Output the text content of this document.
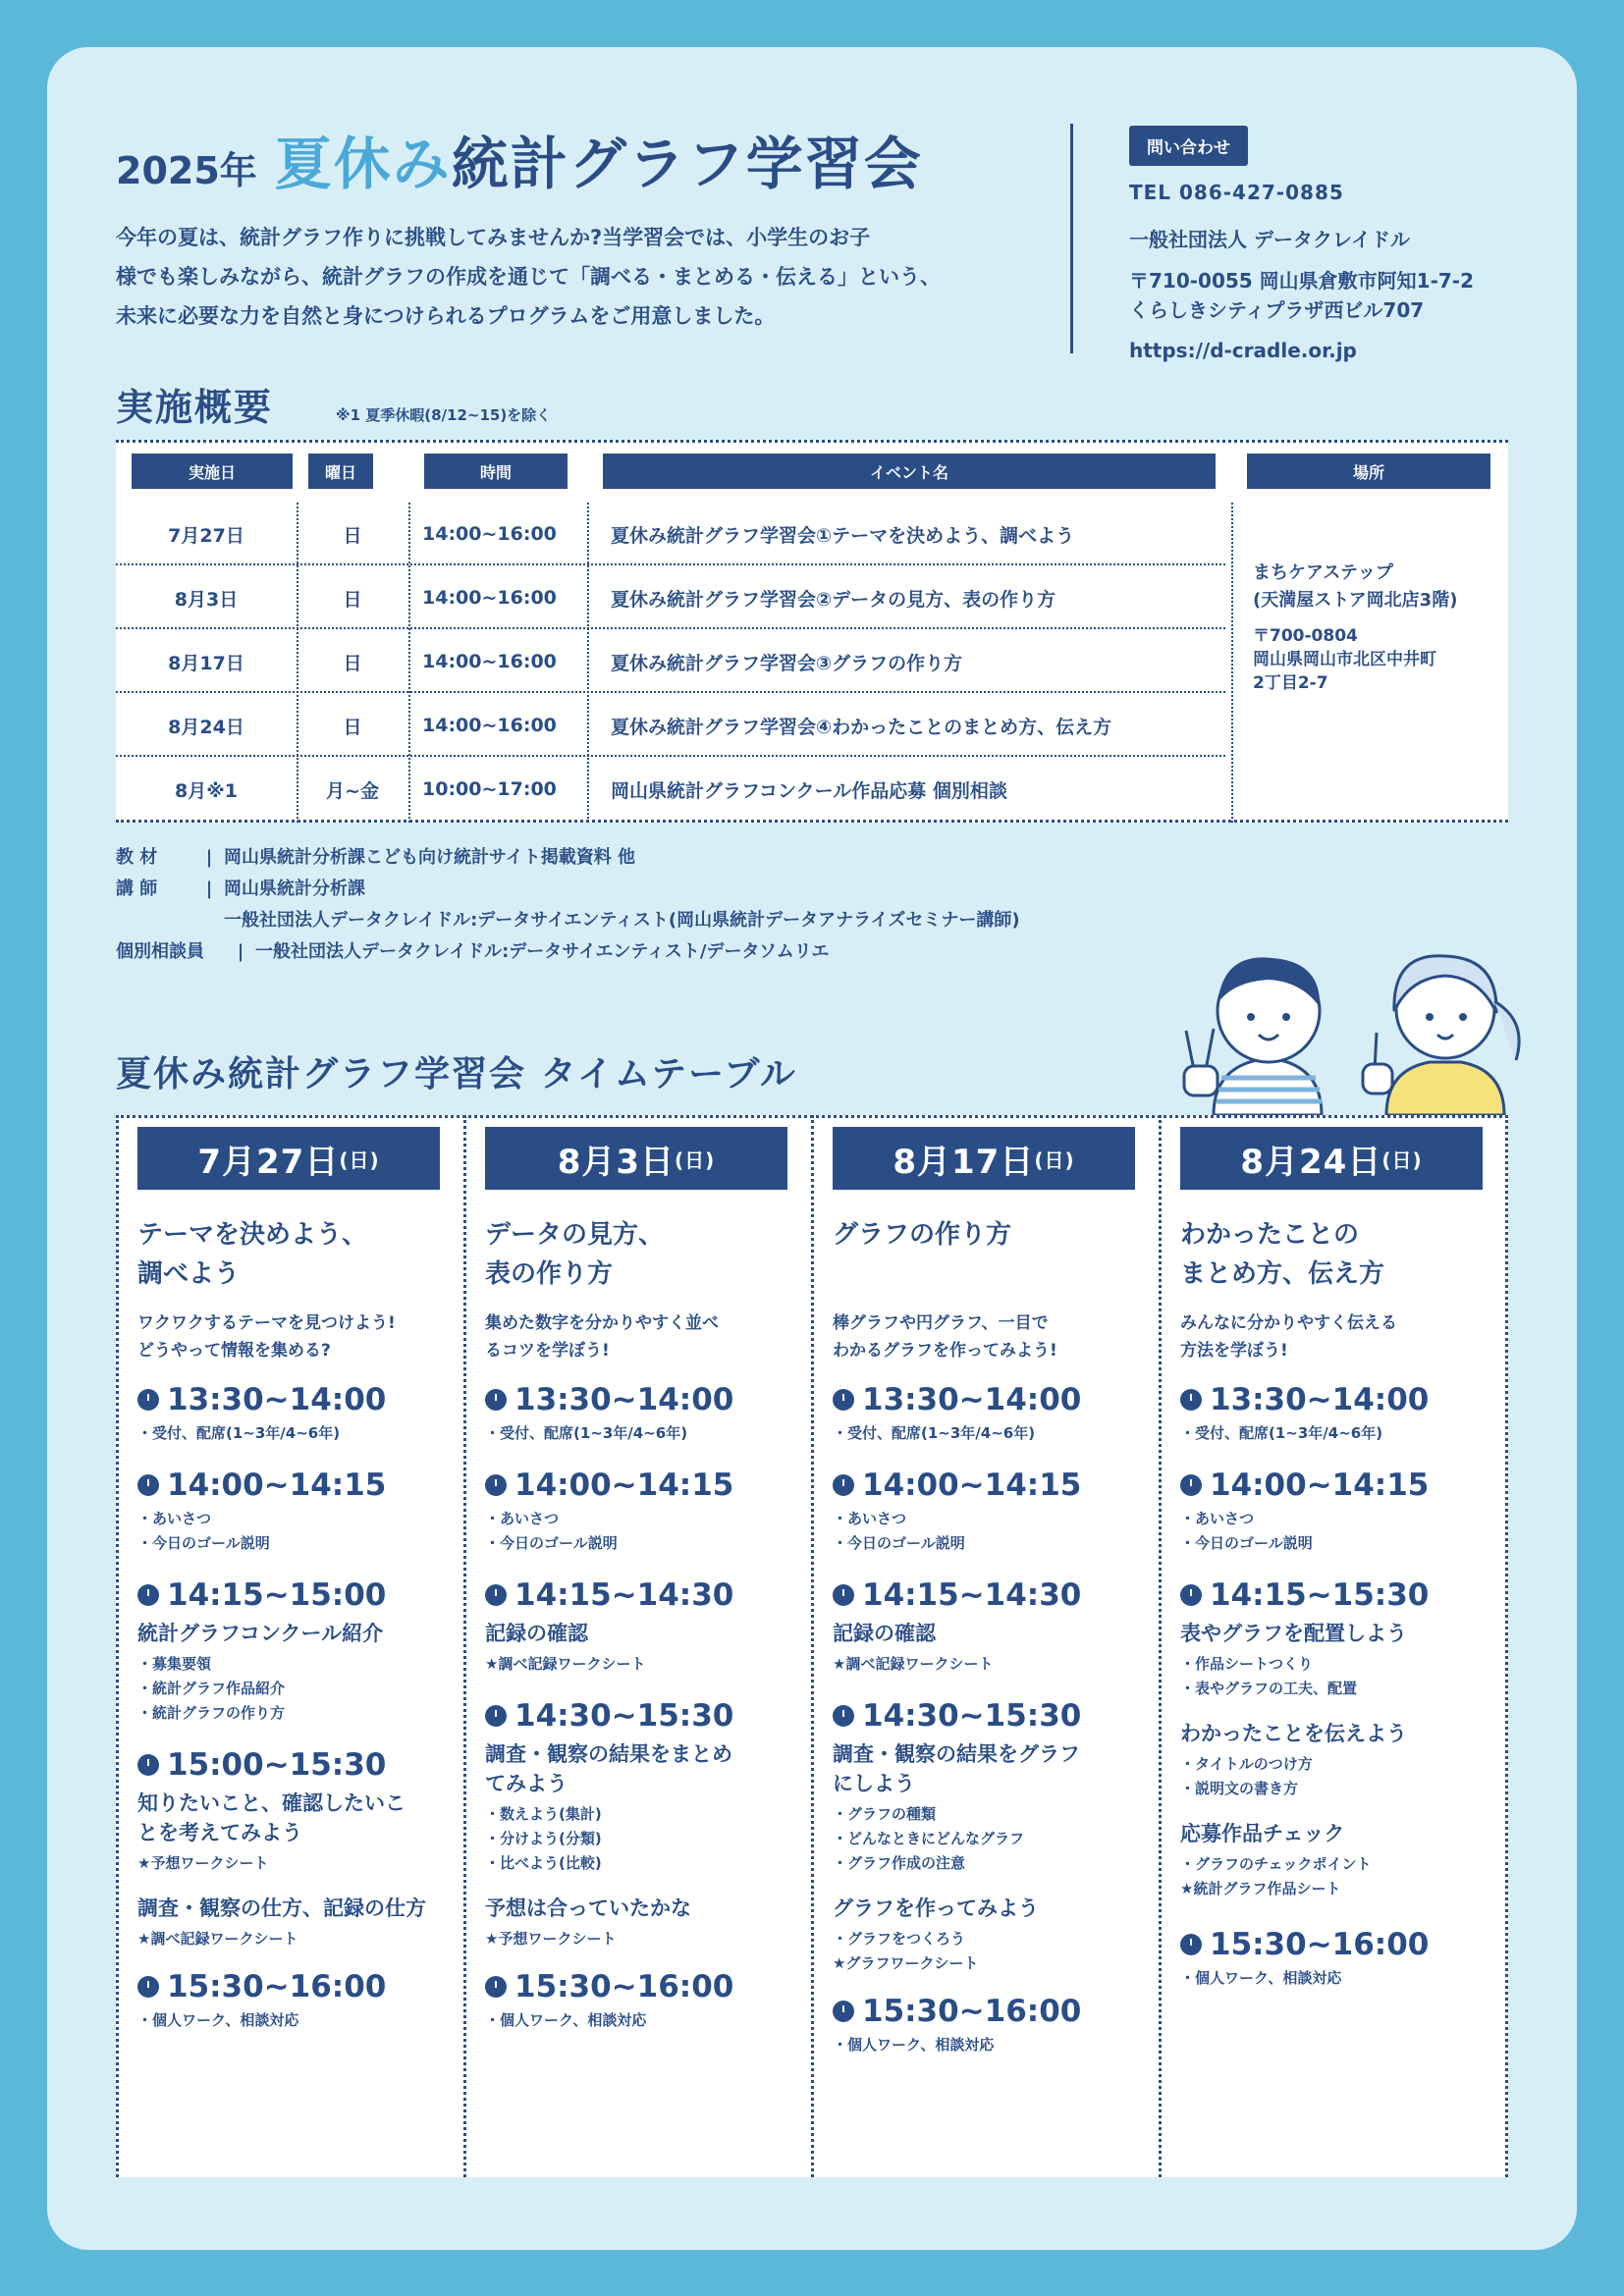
2025年 夏休み 統計グラフ学習会
今年の夏は、統計グラフ作りに挑戦してみませんか?当学習会では、小学生のお子
様でも楽しみながら、統計グラフの作成を通じて「調べる・まとめる・伝える」という、
未来に必要な力を自然と身につけられるプログラムをご用意しました。
問い合わせ
TEL 086-427-0885
一般社団法人 データクレイドル
〒710-0055 岡山県倉敷市阿知1-7-2
くらしきシティプラザ西ビル707
https://d-cradle.or.jp
実施概要	※1 夏季休暇(8/12~15)を除く
実施日	曜日	時間	イベント名	場所
7月27日	日	14:00~16:00	夏休み統計グラフ学習会①テーマを決めよう、調べよう
8月3日	日	14:00~16:00	夏休み統計グラフ学習会②データの見方、表の作り方
8月17日	日	14:00~16:00	夏休み統計グラフ学習会③グラフの作り方
8月24日	日	14:00~16:00	夏休み統計グラフ学習会④わかったことのまとめ方、伝え方
8月※1	月~金	10:00~17:00	岡山県統計グラフコンクール作品応募 個別相談
まちケアステップ
(天満屋ストア岡北店3階)
〒700-0804
岡山県岡山市北区中井町
2丁目2-7
教 材	| 岡山県統計分析課こども向け統計サイト掲載資料 他
講 師	| 岡山県統計分析課
一般社団法人データクレイドル:データサイエンティスト(岡山県統計データアナライズセミナー講師)
個別相談員	| 一般社団法人データクレイドル:データサイエンティスト/データソムリエ
夏休み統計グラフ学習会 タイムテーブル
7月27日 (日)
テーマを決めよう、
調べよう
ワクワクするテーマを見つけよう!
どうやって情報を集める?
13:30~14:00
・受付、配席(1~3年/4~6年)
14:00~14:15
・あいさつ
・今日のゴール説明
14:15~15:00
統計グラフコンクール紹介
・募集要領
・統計グラフ作品紹介
・統計グラフの作り方
15:00~15:30
知りたいこと、確認したいこ
とを考えてみよう
★予想ワークシート
調査・観察の仕方、記録の仕方
★調べ記録ワークシート
15:30~16:00
・個人ワーク、相談対応
8月3日 (日)
データの見方、
表の作り方
集めた数字を分かりやすく並べ
るコツを学ぼう!
13:30~14:00
・受付、配席(1~3年/4~6年)
14:00~14:15
・あいさつ
・今日のゴール説明
14:15~14:30
記録の確認
★調べ記録ワークシート
14:30~15:30
調査・観察の結果をまとめ
てみよう
・数えよう(集計)
・分けよう(分類)
・比べよう(比較)
予想は合っていたかな
★予想ワークシート
15:30~16:00
・個人ワーク、相談対応
8月17日 (日)
グラフの作り方
棒グラフや円グラフ、一目で
わかるグラフを作ってみよう!
13:30~14:00
・受付、配席(1~3年/4~6年)
14:00~14:15
・あいさつ
・今日のゴール説明
14:15~14:30
記録の確認
★調べ記録ワークシート
14:30~15:30
調査・観察の結果をグラフ
にしよう
・グラフの種類
・どんなときにどんなグラフ
・グラフ作成の注意
グラフを作ってみよう
・グラフをつくろう
★グラフワークシート
15:30~16:00
・個人ワーク、相談対応
8月24日 (日)
わかったことの
まとめ方、伝え方
みんなに分かりやすく伝える
方法を学ぼう!
13:30~14:00
・受付、配席(1~3年/4~6年)
14:00~14:15
・あいさつ
・今日のゴール説明
14:15~15:30
表やグラフを配置しよう
・作品シートつくり
・表やグラフの工夫、配置
わかったことを伝えよう
・タイトルのつけ方
・説明文の書き方
応募作品チェック
・グラフのチェックポイント
★統計グラフ作品シート
15:30~16:00
・個人ワーク、相談対応
